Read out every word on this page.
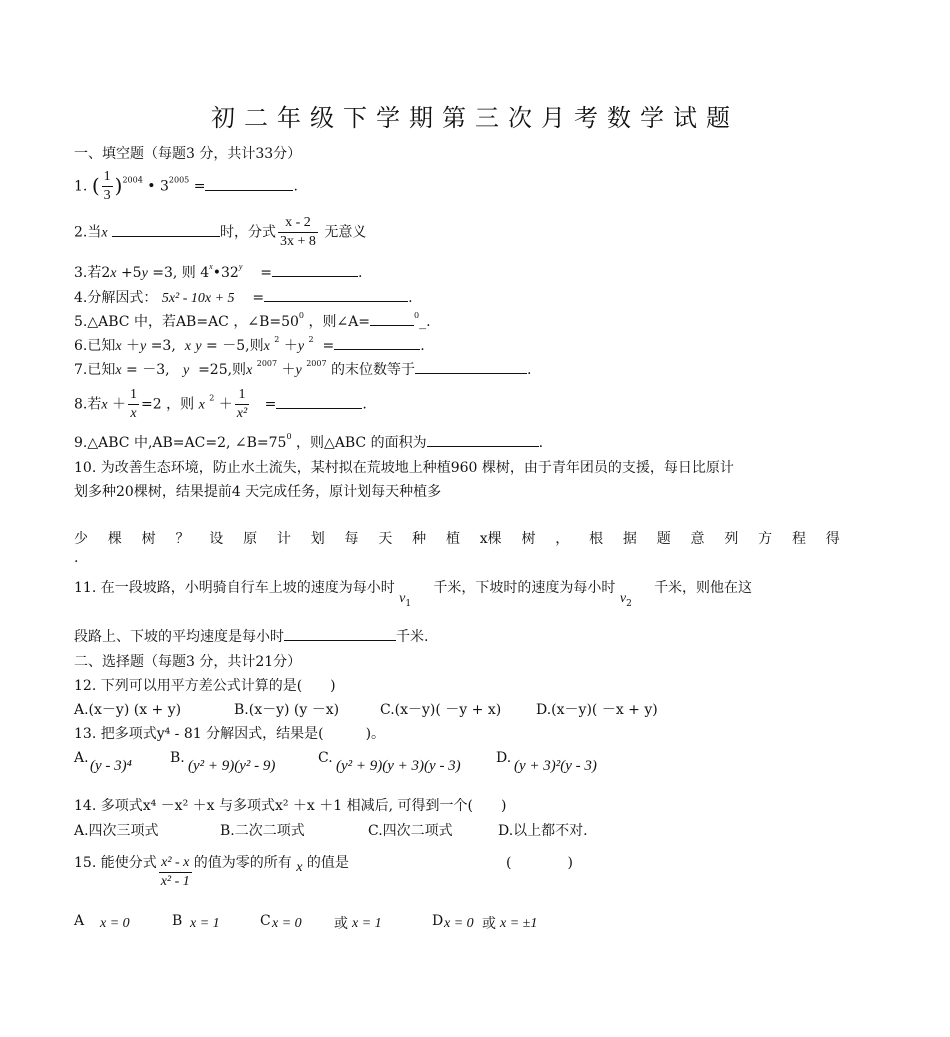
初二年级下学期第三次月考数学试题
一、填空题（每题3 分，共计33分）
1. ( $\frac{1}{3} )^{2004}$ • $3^{2005}$ =	.
2.当x	时，分式 $\frac{x - 2}{3x + 8}$ 无意义
3.若2x +5y =3, 则 $4^x•32^y$ =	.
4.分解因式： 5x² - 10x + 5 =	.
5.△ABC 中，若AB=AC ，$\angle B=50^0$ ，则∠A=	$^0$_.
6.已知x ＋y =3, x y = －5,则x $^2$ ＋y $^2$ =	.
7.已知x = －3, y =25,则x $^{2007}$ ＋y $^{2007}$ 的末位数等于	.
8.若$x + \frac{1}{x} =2$ ，则 x $^2 + \frac{1}{\text{x²}}$ =	.
9.△ABC 中,AB=AC=2, $\angle B=75^0$ ，则△ABC 的面积为	.
10. 为改善生态环境，防止水土流失，某村拟在荒坡地上种植960 棵树，由于青年团员的支援，每日比原计
划多种20棵树，结果提前4 天完成任务，原计划每天种植多
少 棵 树 ？ 设 原 计 划 每 天 种 植 x棵 树 ， 根 据 题 意 列 方 程 得
.
11. 在一段坡路，小明骑自行车上坡的速度为每小时 $v_1$     千米，下坡时的速度为每小时 $v_2$     千米，则他在这
段路上、下坡的平均速度是每小时	千米.
二、选择题（每题3 分，共计21分）
12. 下列可以用平方差公式计算的是(　　)
A.(x－y) (x + y)	B.(x－y) (y －x)	C.(x－y)( －y + x) D.(x－y)( －x + y)
13. 把多项式y⁴ - 81 分解因式，结果是(　　　)。
A. (y - 3)⁴	B. (y² + 9)(y² - 9)	C. (y² + 9)(y + 3)(y - 3)	D. (y + 3)²(y - 3)
14. 多项式x⁴ －x² ＋x 与多项式x² ＋x ＋1 相减后, 可得到一个(　　)
A.四次三项式	B.二次二项式	C.四次二项式	D.以上都不对.
15. 能使分式 $\frac{\text{x² - x}}{\text{x² - 1}}$ 的值为零的所有 x 的值是	(　　　　)
A x = 0	B x = 1	C x = 0 或 x = 1	D x = 0 或 x = ±1
